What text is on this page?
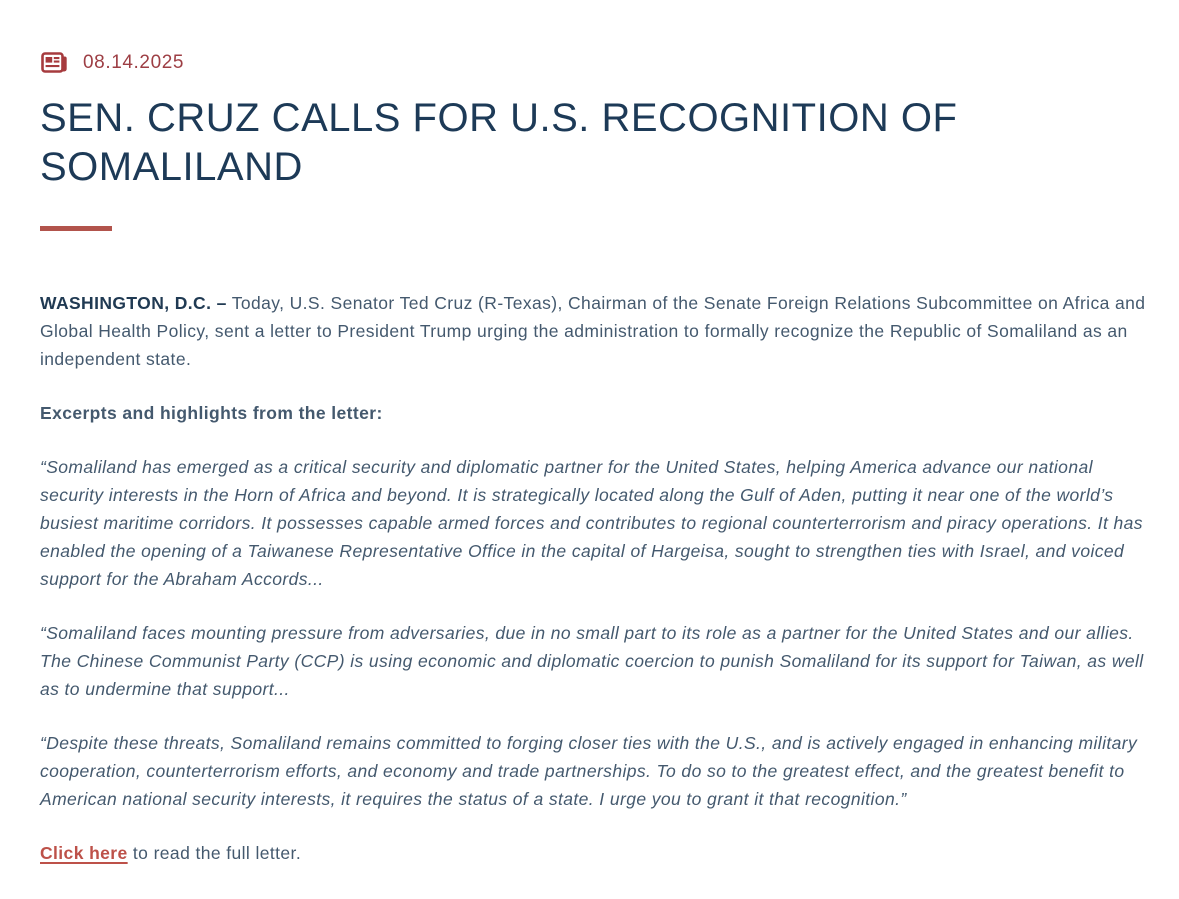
08.14.2025
SEN. CRUZ CALLS FOR U.S. RECOGNITION OF SOMALILAND

WASHINGTON, D.C. – Today, U.S. Senator Ted Cruz (R-Texas), Chairman of the Senate Foreign Relations Subcommittee on Africa and Global Health Policy, sent a letter to President Trump urging the administration to formally recognize the Republic of Somaliland as an independent state.

Excerpts and highlights from the letter:

“Somaliland has emerged as a critical security and diplomatic partner for the United States, helping America advance our national security interests in the Horn of Africa and beyond. It is strategically located along the Gulf of Aden, putting it near one of the world’s busiest maritime corridors. It possesses capable armed forces and contributes to regional counterterrorism and piracy operations. It has enabled the opening of a Taiwanese Representative Office in the capital of Hargeisa, sought to strengthen ties with Israel, and voiced support for the Abraham Accords...

“Somaliland faces mounting pressure from adversaries, due in no small part to its role as a partner for the United States and our allies. The Chinese Communist Party (CCP) is using economic and diplomatic coercion to punish Somaliland for its support for Taiwan, as well as to undermine that support...

“Despite these threats, Somaliland remains committed to forging closer ties with the U.S., and is actively engaged in enhancing military cooperation, counterterrorism efforts, and economy and trade partnerships. To do so to the greatest effect, and the greatest benefit to American national security interests, it requires the status of a state. I urge you to grant it that recognition.”

Click here to read the full letter.
